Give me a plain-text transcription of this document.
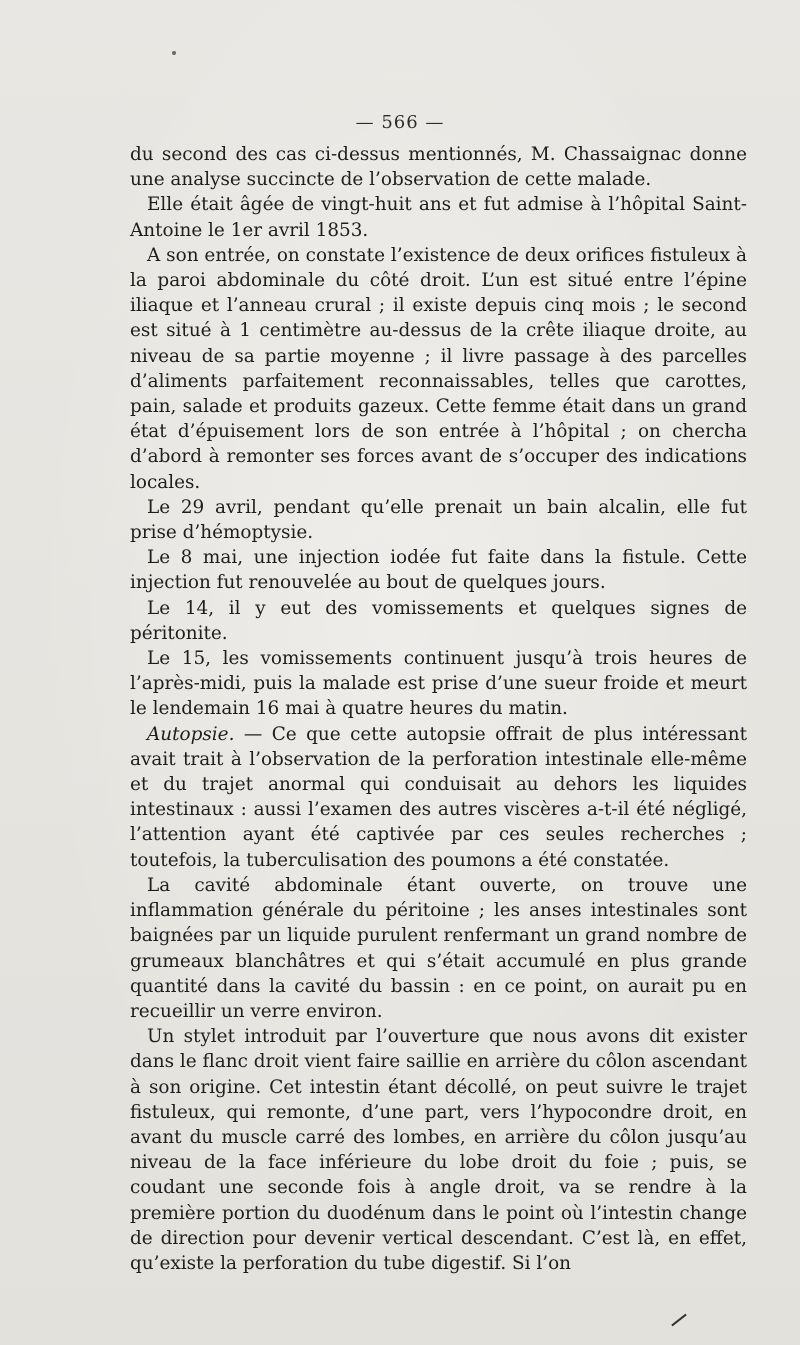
— 566 —

du second des cas ci-dessus mentionnés, M. Chassaignac donne une analyse succincte de l’observation de cette malade.

Elle était âgée de vingt-huit ans et fut admise à l’hôpital Saint-Antoine le 1er avril 1853.

A son entrée, on constate l’existence de deux orifices fistuleux à la paroi abdominale du côté droit. L’un est situé entre l’épine iliaque et l’anneau crural ; il existe depuis cinq mois ; le second est situé à 1 centimètre au-dessus de la crête iliaque droite, au niveau de sa partie moyenne ; il livre passage à des parcelles d’aliments parfaitement reconnaissables, telles que carottes, pain, salade et produits gazeux. Cette femme était dans un grand état d’épuisement lors de son entrée à l’hôpital ; on chercha d’abord à remonter ses forces avant de s’occuper des indications locales.

Le 29 avril, pendant qu’elle prenait un bain alcalin, elle fut prise d’hémoptysie.

Le 8 mai, une injection iodée fut faite dans la fistule. Cette injection fut renouvelée au bout de quelques jours.

Le 14, il y eut des vomissements et quelques signes de péritonite.

Le 15, les vomissements continuent jusqu’à trois heures de l’après-midi, puis la malade est prise d’une sueur froide et meurt le lendemain 16 mai à quatre heures du matin.

Autopsie. — Ce que cette autopsie offrait de plus intéressant avait trait à l’observation de la perforation intestinale elle-même et du trajet anormal qui conduisait au dehors les liquides intestinaux : aussi l’examen des autres viscères a-t-il été négligé, l’attention ayant été captivée par ces seules recherches ; toutefois, la tuberculisation des poumons a été constatée.

La cavité abdominale étant ouverte, on trouve une inflammation générale du péritoine ; les anses intestinales sont baignées par un liquide purulent renfermant un grand nombre de grumeaux blanchâtres et qui s’était accumulé en plus grande quantité dans la cavité du bassin : en ce point, on aurait pu en recueillir un verre environ.

Un stylet introduit par l’ouverture que nous avons dit exister dans le flanc droit vient faire saillie en arrière du côlon ascendant à son origine. Cet intestin étant décollé, on peut suivre le trajet fistuleux, qui remonte, d’une part, vers l’hypocondre droit, en avant du muscle carré des lombes, en arrière du côlon jusqu’au niveau de la face inférieure du lobe droit du foie ; puis, se coudant une seconde fois à angle droit, va se rendre à la première portion du duodénum dans le point où l’intestin change de direction pour devenir vertical descendant. C’est là, en effet, qu’existe la perforation du tube digestif. Si l’on
